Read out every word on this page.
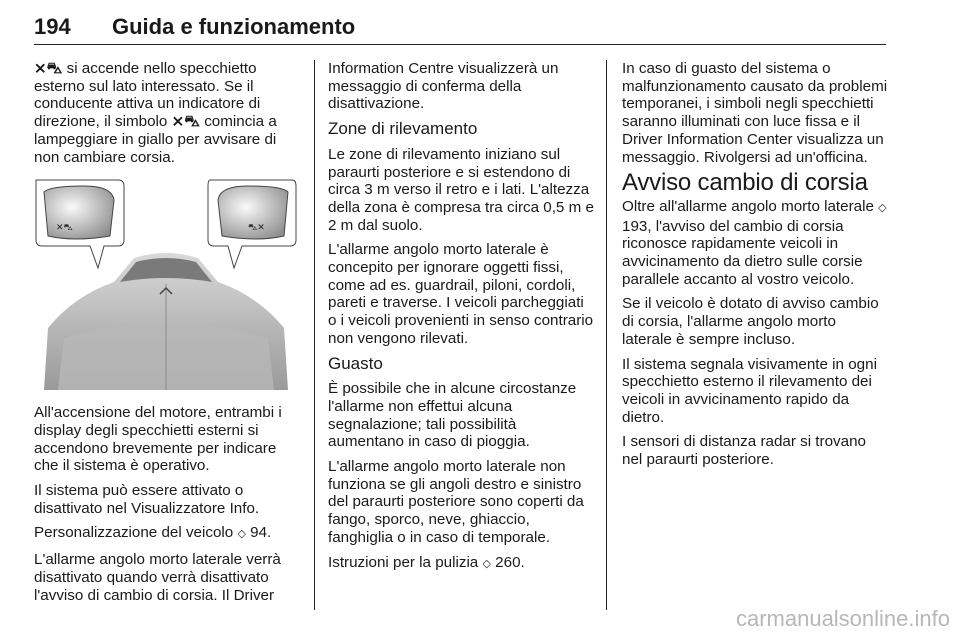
194 Guida e funzionamento

⨯⛍ si accende nello specchietto esterno sul lato interessato. Se il conducente attiva un indicatore di direzione, il simbolo ⨯⛍ comincia a lampeggiare in giallo per avvisare di non cambiare corsia.

✕⛍	⛍✕

All'accensione del motore, entrambi i display degli specchietti esterni si accendono brevemente per indicare che il sistema è operativo.

Il sistema può essere attivato o disattivato nel Visualizzatore Info.

Personalizzazione del veicolo ◇ 94.

L'allarme angolo morto laterale verrà disattivato quando verrà disattivato l'avviso di cambio di corsia. Il Driver

Information Centre visualizzerà un messaggio di conferma della disattivazione.

Zone di rilevamento

Le zone di rilevamento iniziano sul paraurti posteriore e si estendono di circa 3 m verso il retro e i lati. L'altezza della zona è compresa tra circa 0,5 m e 2 m dal suolo.

L'allarme angolo morto laterale è concepito per ignorare oggetti fissi, come ad es. guardrail, piloni, cordoli, pareti e traverse. I veicoli parcheggiati o i veicoli provenienti in senso contrario non vengono rilevati.

Guasto

È possibile che in alcune circostanze l'allarme non effettui alcuna segnalazione; tali possibilità aumentano in caso di pioggia.

L'allarme angolo morto laterale non funziona se gli angoli destro e sinistro del paraurti posteriore sono coperti da fango, sporco, neve, ghiaccio, fanghiglia o in caso di temporale.

Istruzioni per la pulizia ◇ 260.

In caso di guasto del sistema o malfunzionamento causato da problemi temporanei, i simboli negli specchietti saranno illuminati con luce fissa e il Driver Information Center visualizza un messaggio. Rivolgersi ad un'officina.

Avviso cambio di corsia

Oltre all'allarme angolo morto laterale ◇ 193, l'avviso del cambio di corsia riconosce rapidamente veicoli in avvicinamento da dietro sulle corsie parallele accanto al vostro veicolo.

Se il veicolo è dotato di avviso cambio di corsia, l'allarme angolo morto laterale è sempre incluso.

Il sistema segnala visivamente in ogni specchietto esterno il rilevamento dei veicoli in avvicinamento rapido da dietro.

I sensori di distanza radar si trovano nel paraurti posteriore.

carmanualsonline.info
